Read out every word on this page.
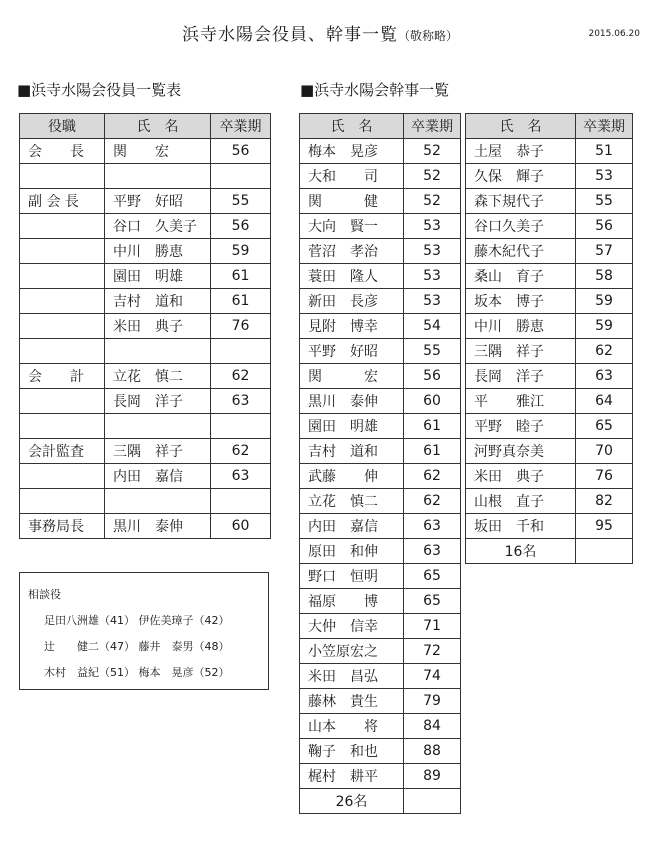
浜寺水陽会役員、幹事一覧（敬称略）	2015.06.20
■浜寺水陽会役員一覧表	■浜寺水陽会幹事一覧
役職	氏　名	卒業期
会　　長	関　　宏	56

副 会 長	平野　好昭	55
	谷口　久美子	56
	中川　勝恵	59
	園田　明雄	61
	吉村　道和	61
	米田　典子	76

会　　計	立花　慎二	62
	長岡　洋子	63

会計監査	三隅　祥子	62
	内田　嘉信	63

事務局長	黒川　泰伸	60
相談役
足田八洲雄（41） 伊佐美璋子（42）
辻　　健二（47） 藤井　泰男（48）
木村　益紀（51） 梅本　晃彦（52）
氏　名	卒業期
梅本　晃彦	52
大和　　司	52
関　　　健	52
大向　賢一	53
菅沼　孝治	53
蓑田　隆人	53
新田　長彦	53
見附　博幸	54
平野　好昭	55
関　　　宏	56
黒川　泰伸	60
園田　明雄	61
吉村　道和	61
武藤　　伸	62
立花　慎二	62
内田　嘉信	63
原田　和伸	63
野口　恒明	65
福原　　博	65
大仲　信幸	71
小笠原宏之	72
米田　昌弘	74
藤林　貴生	79
山本　　将	84
鞠子　和也	88
梶村　耕平	89
26名	
氏　名	卒業期
土屋　恭子	51
久保　輝子	53
森下規代子	55
谷口久美子	56
藤木紀代子	57
桑山　育子	58
坂本　博子	59
中川　勝恵	59
三隅　祥子	62
長岡　洋子	63
平　　雅江	64
平野　睦子	65
河野真奈美	70
米田　典子	76
山根　直子	82
坂田　千和	95
16名	
